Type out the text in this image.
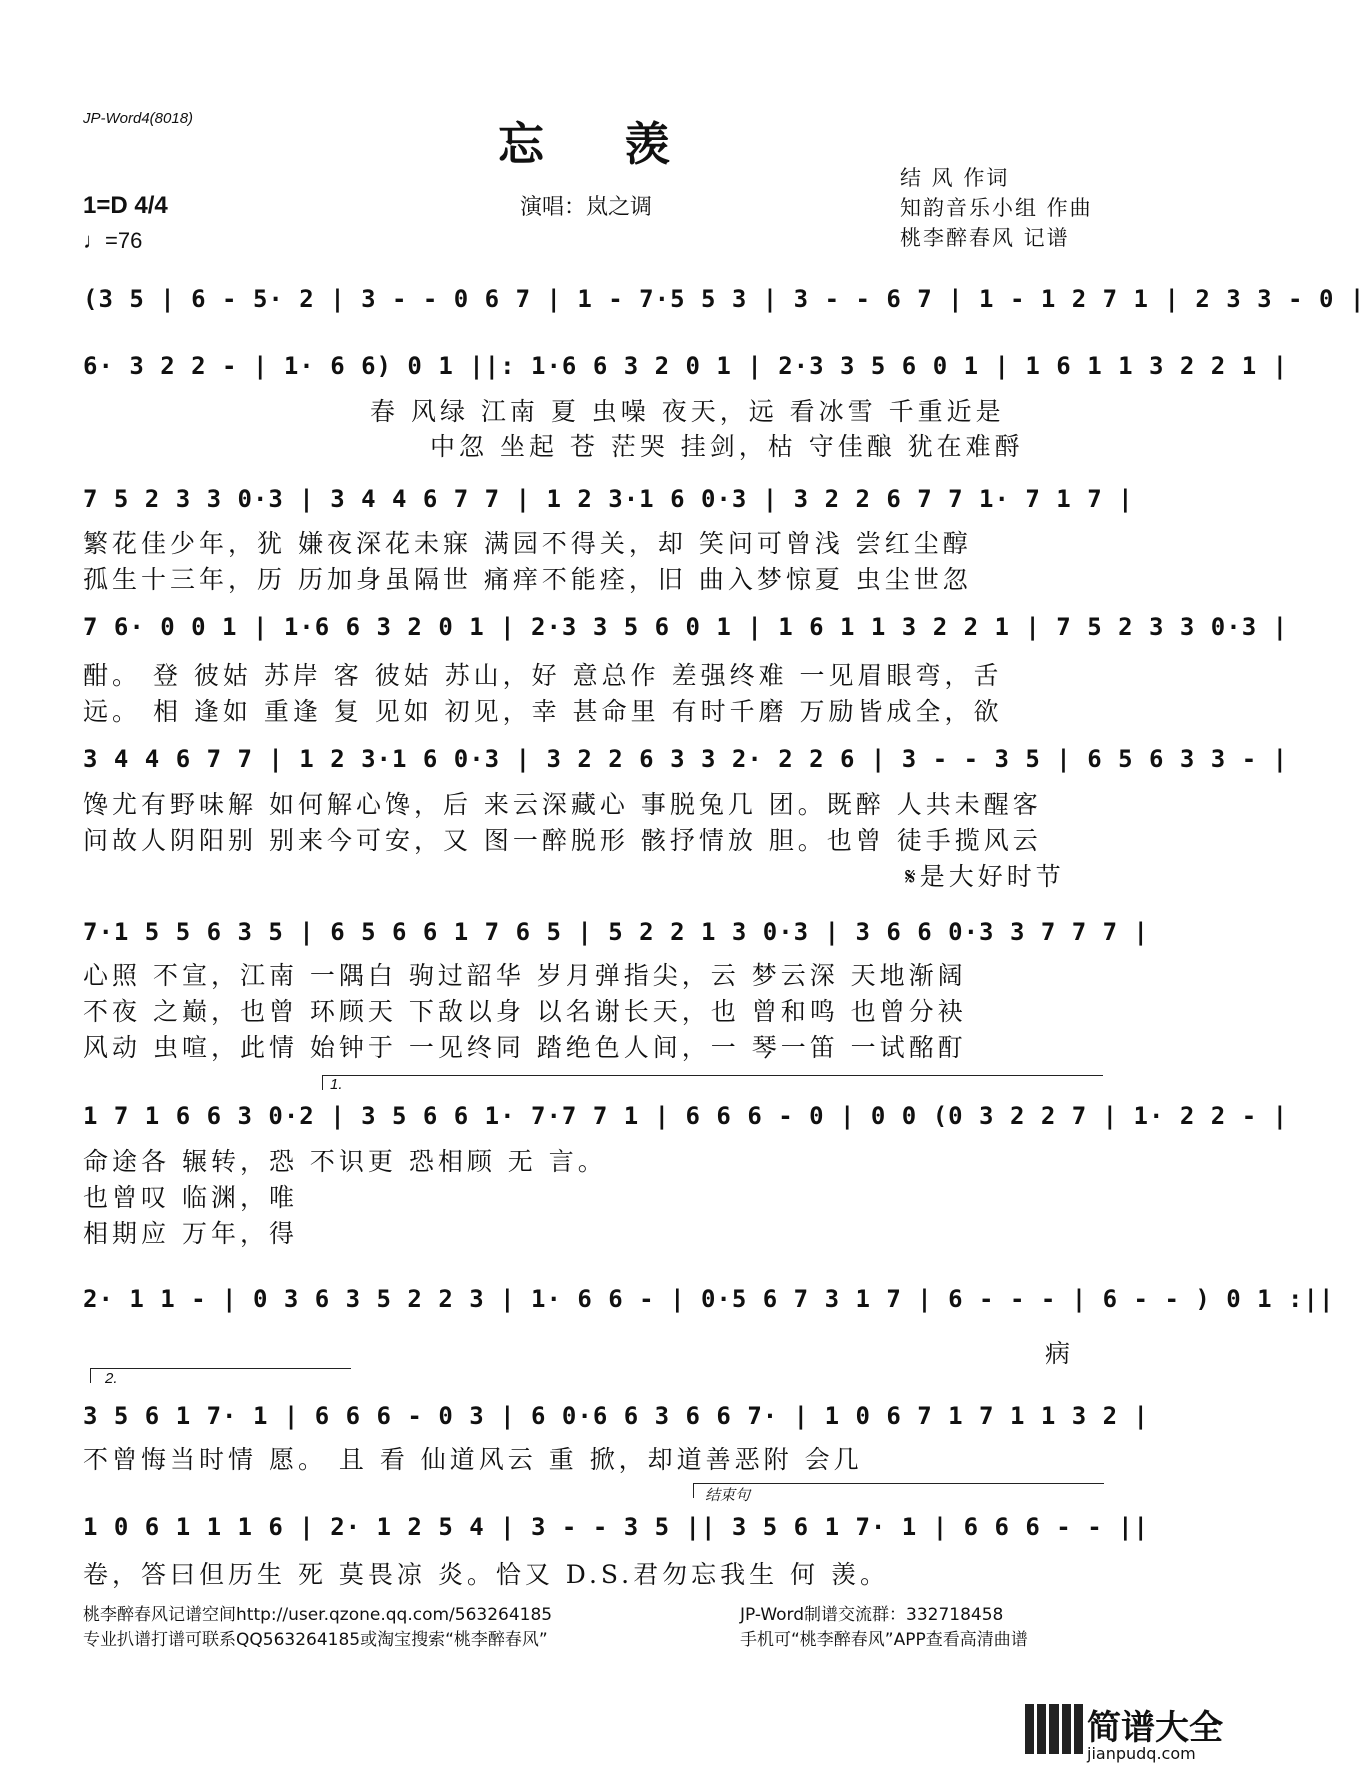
JP-Word4(8018)	忘 羡
演唱：岚之调
结 风 作词
知韵音乐小组 作曲
桃李醉春风 记谱
1=D 4/4
♩=76
(3 5 | 6 - 5· 2 | 3 - - 0 6 7 | 1 - 7·5 5 3 | 3 - - 6 7 | 1 - 1 2 7 1 | 2 3 3 - 0 |
6· 3 2 2 - | 1· 6 6) 0 1 ||: 1·6 6 3 2 0 1 | 2·3 3 5 6 0 1 | 1 6 1 1 3 2 2 1 |
春 风绿 江南 夏 虫噪 夜天，远 看冰雪 千重近是
中忽 坐起 苍 茫哭 挂剑，枯 守佳酿 犹在难酹
7 5 2 3 3 0·3 | 3 4 4 6 7 7 | 1 2 3·1 6 0·3 | 3 2 2 6 7 7 1· 7 1 7 |
繁花佳少年，犹 嫌夜深花未寐 满园不得关，却 笑问可曾浅 尝红尘醇
孤生十三年，历 历加身虽隔世 痛痒不能痊，旧 曲入梦惊夏 虫尘世忽
7 6· 0 0 1 | 1·6 6 3 2 0 1 | 2·3 3 5 6 0 1 | 1 6 1 1 3 2 2 1 | 7 5 2 3 3 0·3 |
酣。 登 彼姑 苏岸 客 彼姑 苏山，好 意总作 差强终难 一见眉眼弯，舌
远。 相 逢如 重逢 复 见如 初见，幸 甚命里 有时千磨 万励皆成全，欲
3 4 4 6 7 7 | 1 2 3·1 6 0·3 | 3 2 2 6 3 3 2· 2 2 6 | 3 - - 3 5 | 6 5 6 3 3 - |
馋尤有野味解 如何解心馋，后 来云深藏心 事脱兔几 团。既醉 人共未醒客
问故人阴阳别 别来今可安，又 图一醉脱形 骸抒情放 胆。也曾 徒手揽风云
𝄋是大好时节
7·1 5 5 6 3 5 | 6 5 6 6 1 7 6 5 | 5 2 2 1 3 0·3 | 3 6 6 0·3 3 7 7 7 |
心照 不宣，江南 一隅白 驹过韶华 岁月弹指尖，云 梦云深 天地渐阔
不夜 之巅，也曾 环顾天 下敌以身 以名谢长天，也 曾和鸣 也曾分袂
风动 虫喧，此情 始钟于 一见终同 踏绝色人间，一 琴一笛 一试酩酊
1.
1 7 1 6 6 3 0·2 | 3 5 6 6 1· 7·7 7 1 | 6 6 6 - 0 | 0 0 (0 3 2 2 7 | 1· 2 2 - |
命途各 辗转，恐 不识更 恐相顾 无 言。
也曾叹 临渊，唯
相期应 万年，得
2· 1 1 - | 0 3 6 3 5 2 2 3 | 1· 6 6 - | 0·5 6 7 3 1 7 | 6 - - - | 6 - - ) 0 1 :||
病
2.
3 5 6 1 7· 1 | 6 6 6 - 0 3 | 6 0·6 6 3 6 6 7· | 1 0 6 7 1 7 1 1 3 2 |
不曾悔当时情 愿。 且 看 仙道风云 重 掀，却道善恶附 会几
结束句
1 0 6 1 1 1 6 | 2· 1 2 5 4 | 3 - - 3 5 || 3 5 6 1 7· 1 | 6 6 6 - - ||
卷，答曰但历生 死 莫畏凉 炎。恰又 D.S.君勿忘我生 何 羡。
桃李醉春风记谱空间http://user.qzone.qq.com/563264185
专业扒谱打谱可联系QQ563264185或淘宝搜索“桃李醉春风”
JP-Word制谱交流群：332718458
手机可“桃李醉春风”APP查看高清曲谱
简谱大全
jianpudq.com
